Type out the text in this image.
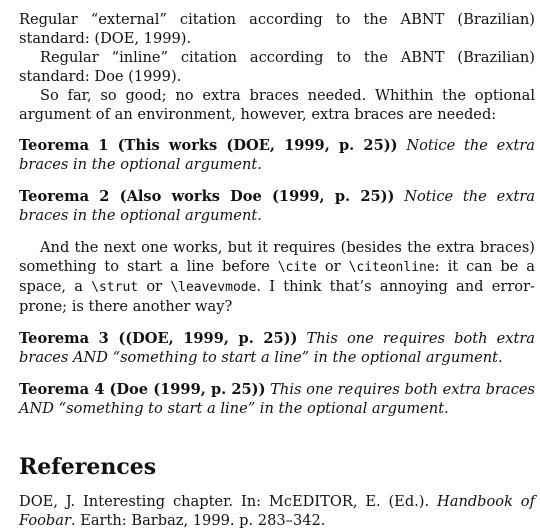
Regular “external” citation according to the ABNT (Brazilian) standard: (DOE, 1999).

Regular “inline” citation according to the ABNT (Brazilian) standard: Doe (1999).

So far, so good; no extra braces needed. Whithin the optional argument of an environment, however, extra braces are needed:

Teorema 1 (This works (DOE, 1999, p. 25)) Notice the extra braces in the optional argument.

Teorema 2 (Also works Doe (1999, p. 25)) Notice the extra braces in the optional argument.

And the next one works, but it requires (besides the extra braces) something to start a line before \cite or \citeonline: it can be a space, a \strut or \leavevmode. I think that’s annoying and error-prone; is there another way?

Teorema 3 ((DOE, 1999, p. 25)) This one requires both extra braces AND “something to start a line” in the optional argument.

Teorema 4 (Doe (1999, p. 25)) This one requires both extra braces AND “something to start a line” in the optional argument.

References

DOE, J. Interesting chapter. In: McEDITOR, E. (Ed.). Handbook of Foobar. Earth: Barbaz, 1999. p. 283–342.
